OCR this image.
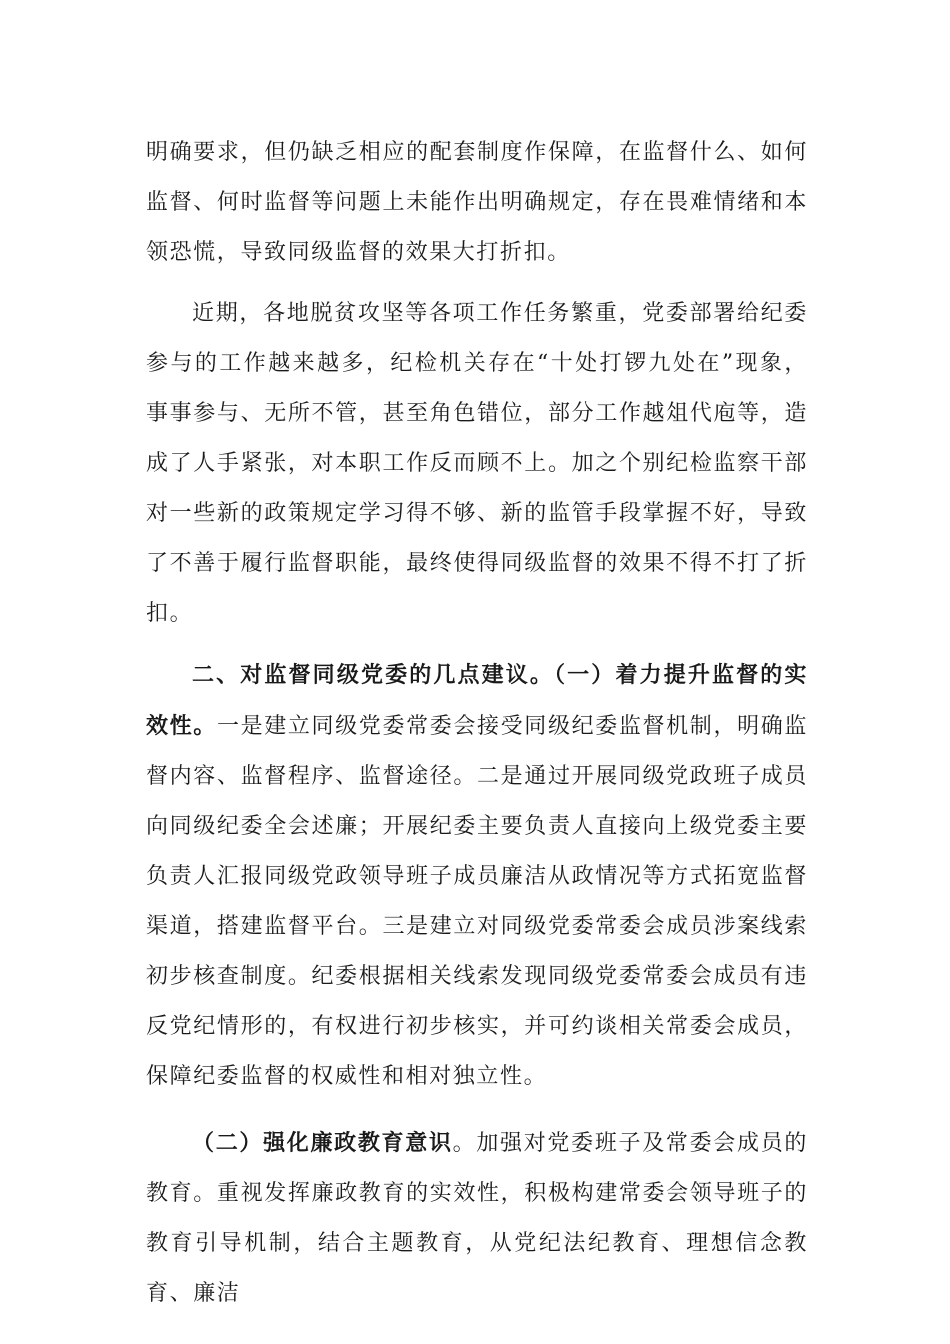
明确要求，但仍缺乏相应的配套制度作保障，在监督什么、如何监督、何时监督等问题上未能作出明确规定，存在畏难情绪和本领恐慌，导致同级监督的效果大打折扣。

近期，各地脱贫攻坚等各项工作任务繁重，党委部署给纪委参与的工作越来越多，纪检机关存在“十处打锣九处在”现象，事事参与、无所不管，甚至角色错位，部分工作越俎代庖等，造成了人手紧张，对本职工作反而顾不上。加之个别纪检监察干部对一些新的政策规定学习得不够、新的监管手段掌握不好，导致了不善于履行监督职能，最终使得同级监督的效果不得不打了折扣。

二、对监督同级党委的几点建议。（一）着力提升监督的实效性。一是建立同级党委常委会接受同级纪委监督机制，明确监督内容、监督程序、监督途径。二是通过开展同级党政班子成员向同级纪委全会述廉；开展纪委主要负责人直接向上级党委主要负责人汇报同级党政领导班子成员廉洁从政情况等方式拓宽监督渠道，搭建监督平台。三是建立对同级党委常委会成员涉案线索初步核查制度。纪委根据相关线索发现同级党委常委会成员有违反党纪情形的，有权进行初步核实，并可约谈相关常委会成员，保障纪委监督的权威性和相对独立性。

（二）强化廉政教育意识。加强对党委班子及常委会成员的教育。重视发挥廉政教育的实效性，积极构建常委会领导班子的教育引导机制，结合主题教育，从党纪法纪教育、理想信念教育、廉洁
